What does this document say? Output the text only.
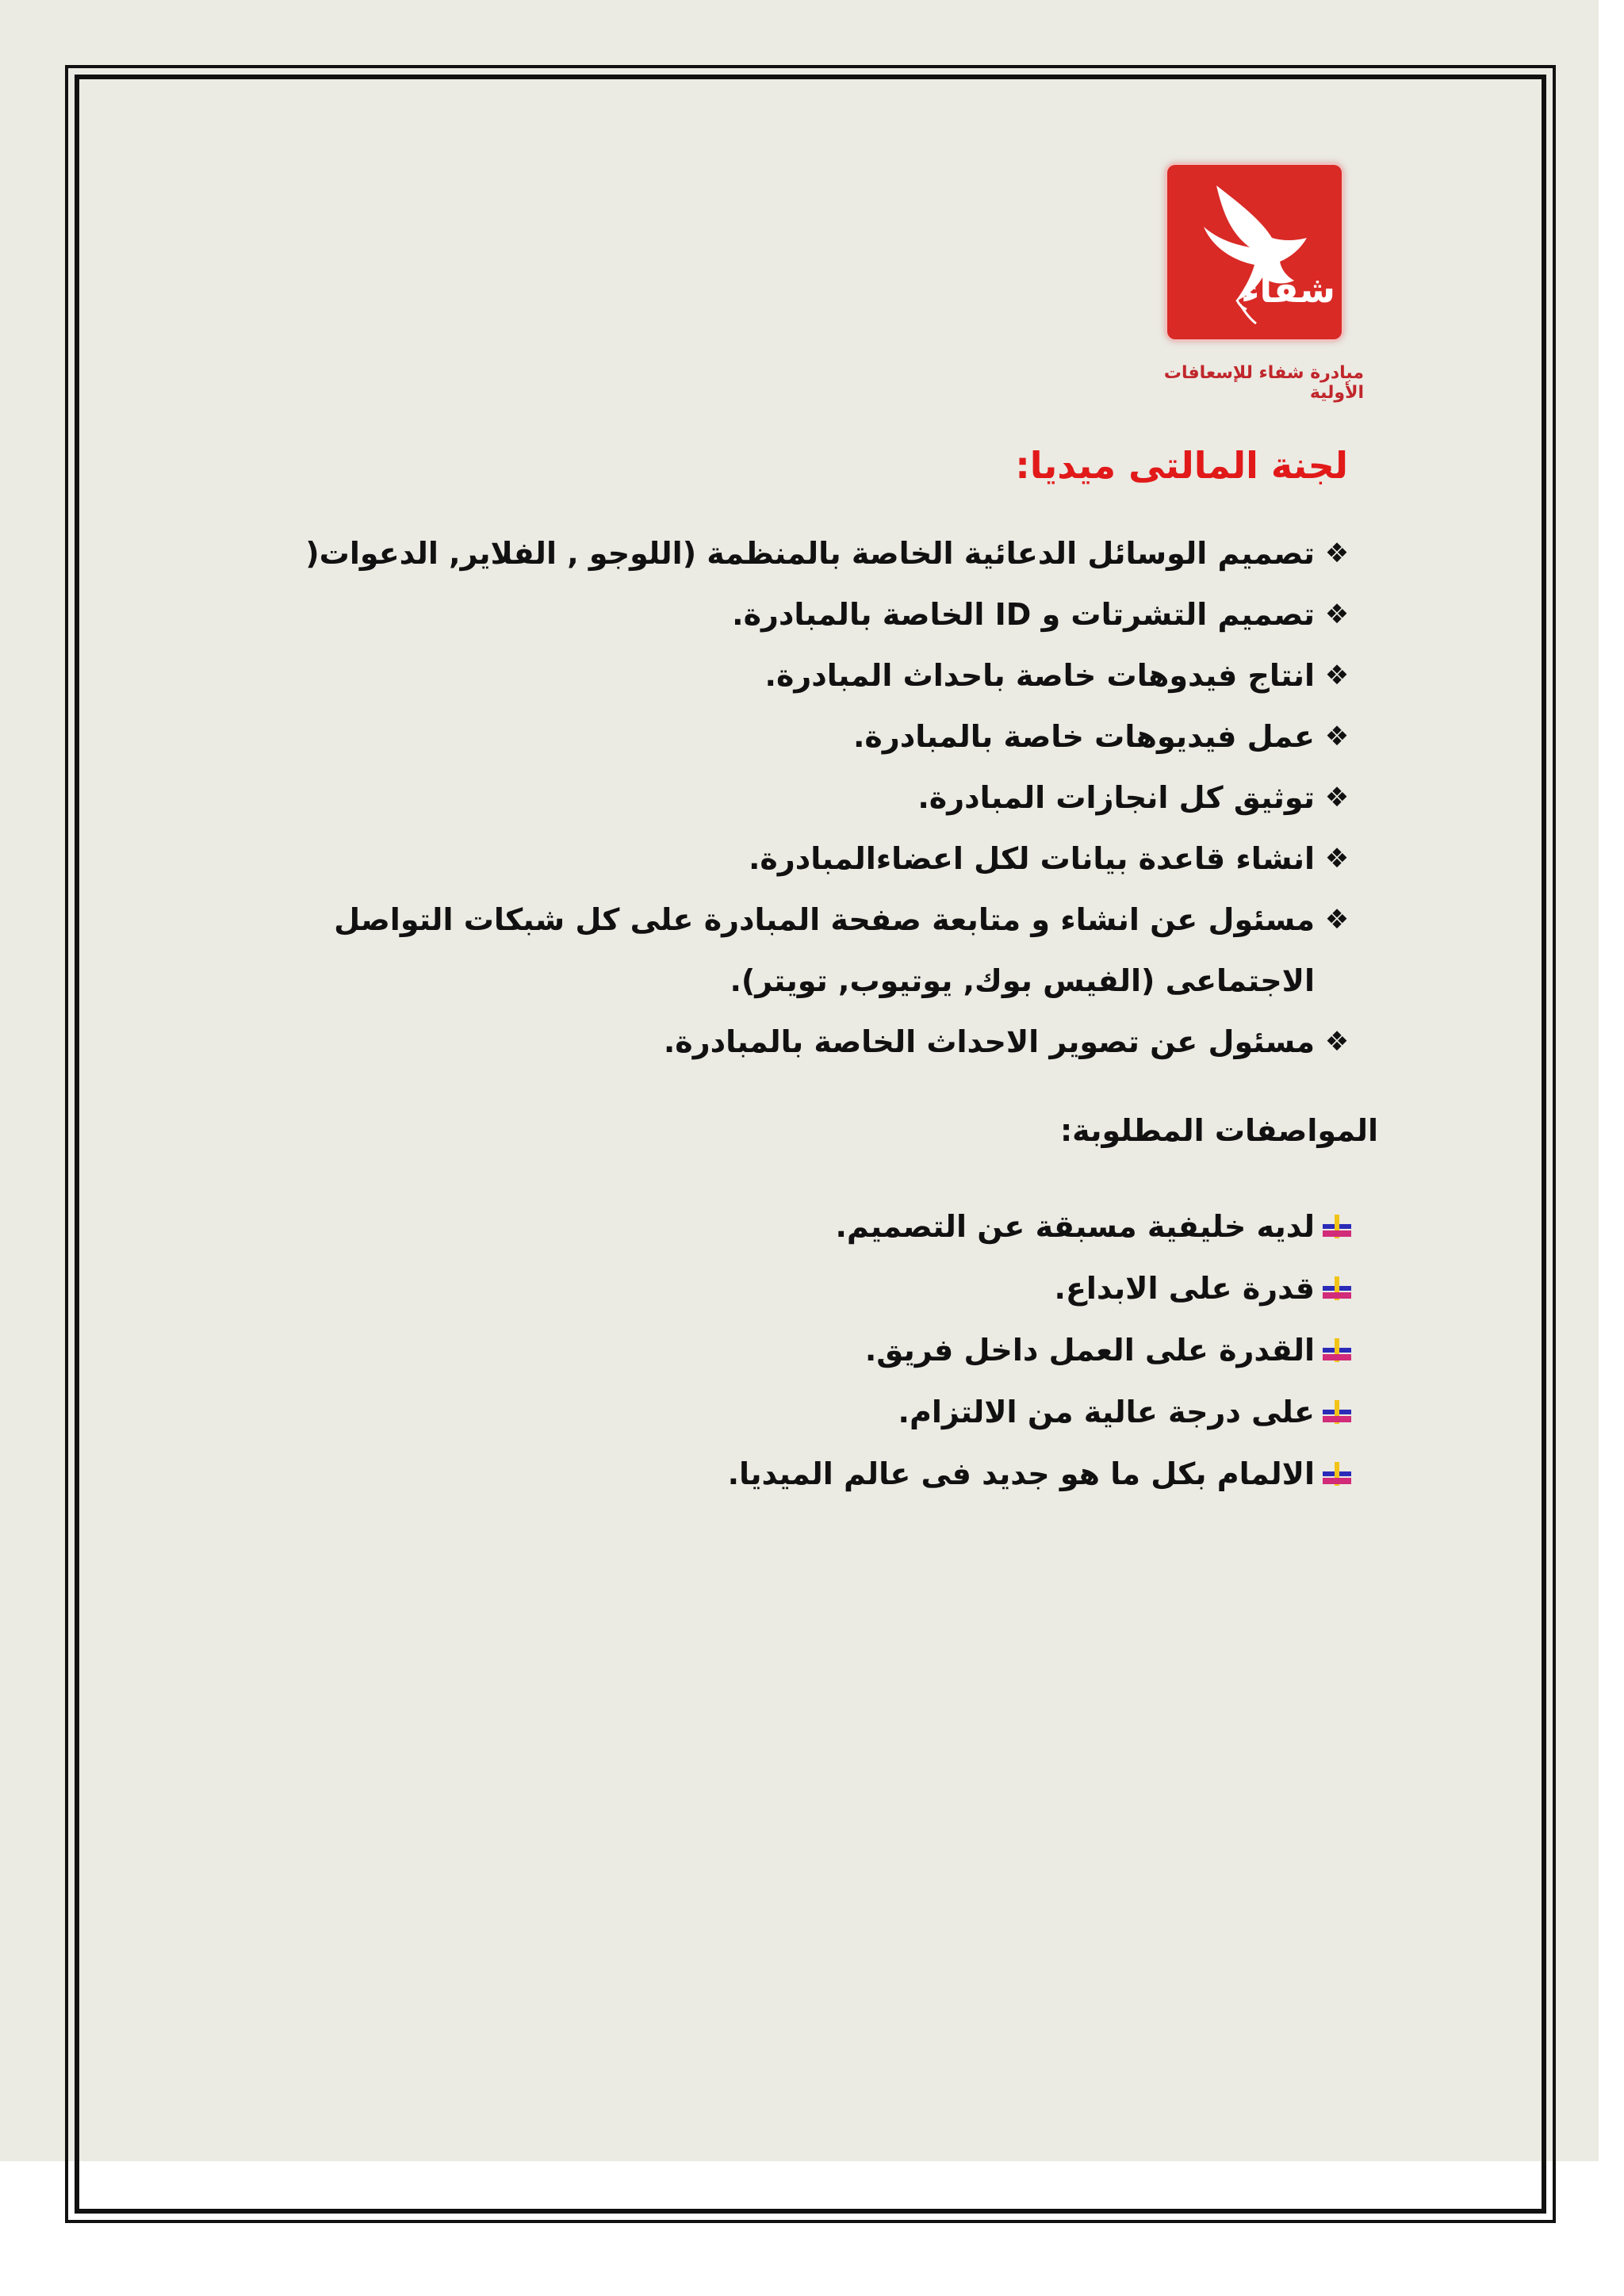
شفاء
مبادرة شفاء للإسعافات الأولية
لجنة المالتى ميديا:
❖
تصميم الوسائل الدعائية الخاصة بالمنظمة (اللوجو , الفلاير, الدعوات(
❖
تصميم التشرتات و ID الخاصة بالمبادرة.
❖
انتاج فيدوهات خاصة باحداث المبادرة.
❖
عمل فيديوهات خاصة بالمبادرة.
❖
توثيق كل انجازات المبادرة.
❖
انشاء قاعدة بيانات لكل اعضاءالمبادرة.
❖
مسئول عن انشاء و متابعة صفحة المبادرة على كل شبكات التواصل
الاجتماعى (الفيس بوك, يوتيوب, تويتر).
❖
مسئول عن تصوير الاحداث الخاصة بالمبادرة.
المواصفات المطلوبة:
لديه خليفية مسبقة عن التصميم.
قدرة على الابداع.
القدرة على العمل داخل فريق.
على درجة عالية من الالتزام.
الالمام بكل ما هو جديد فى عالم الميديا.
